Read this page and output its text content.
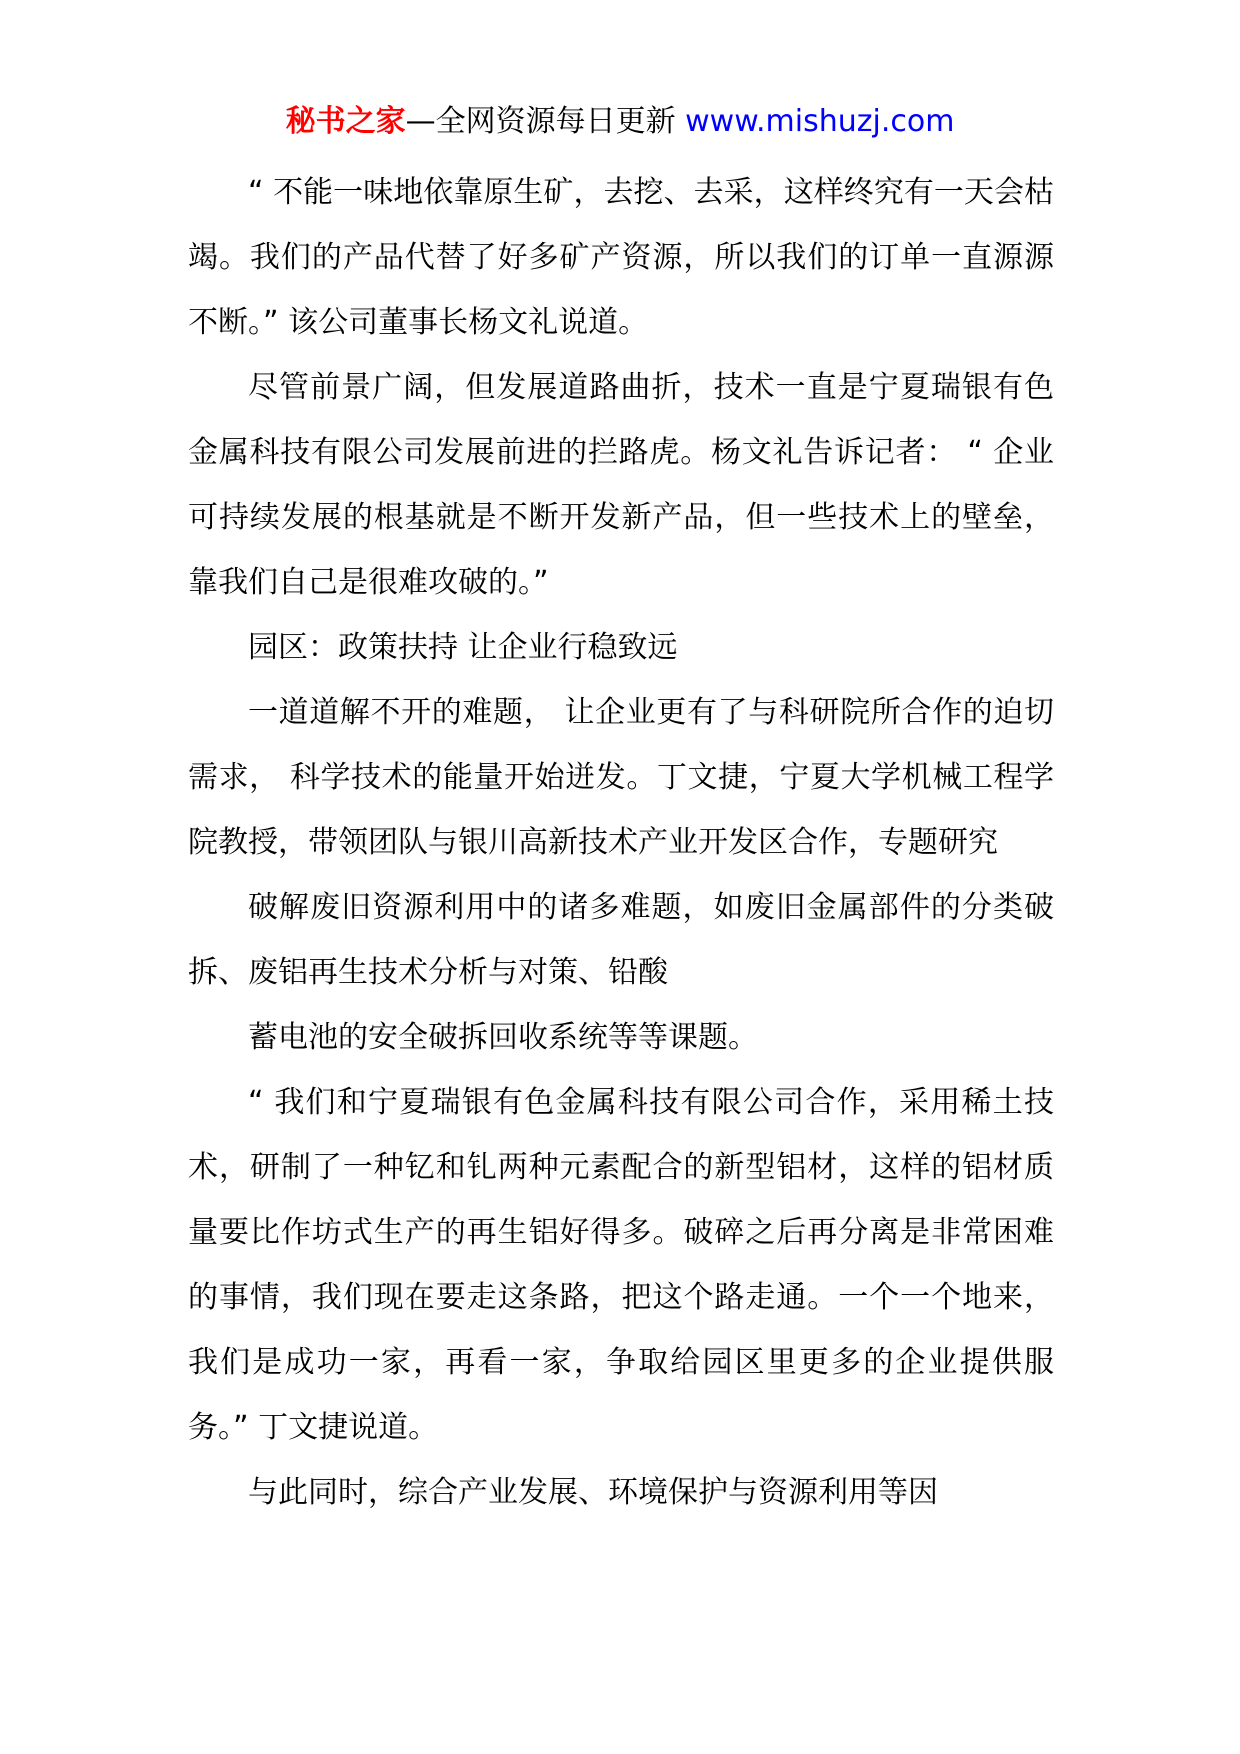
秘书之家—全网资源每日更新 www.mishuzj.com

“ 不能一味地依靠原生矿，去挖、去采，这样终究有一天会枯竭。我们的产品代替了好多矿产资源，所以我们的订单一直源源不断。” 该公司董事长杨文礼说道。

尽管前景广阔，但发展道路曲折，技术一直是宁夏瑞银有色金属科技有限公司发展前进的拦路虎。杨文礼告诉记者： “ 企业可持续发展的根基就是不断开发新产品，但一些技术上的壁垒，靠我们自己是很难攻破的。”

园区：政策扶持 让企业行稳致远

一道道解不开的难题， 让企业更有了与科研院所合作的迫切需求， 科学技术的能量开始迸发。丁文捷，宁夏大学机械工程学院教授，带领团队与银川高新技术产业开发区合作，专题研究

破解废旧资源利用中的诸多难题，如废旧金属部件的分类破拆、废铝再生技术分析与对策、铅酸

蓄电池的安全破拆回收系统等等课题。

“ 我们和宁夏瑞银有色金属科技有限公司合作，采用稀土技术，研制了一种钇和钆两种元素配合的新型铝材，这样的铝材质量要比作坊式生产的再生铝好得多。破碎之后再分离是非常困难的事情，我们现在要走这条路，把这个路走通。一个一个地来，我们是成功一家，再看一家，争取给园区里更多的企业提供服务。” 丁文捷说道。

与此同时，综合产业发展、环境保护与资源利用等因
